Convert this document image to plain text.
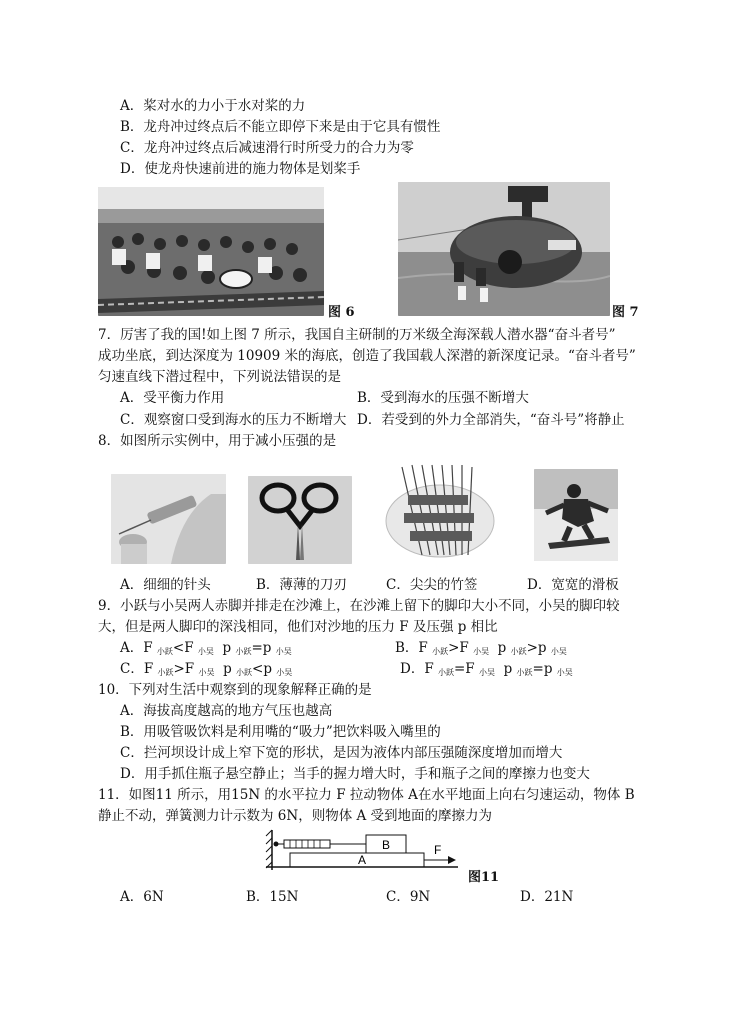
A．桨对水的力小于水对桨的力
B．龙舟冲过终点后不能立即停下来是由于它具有惯性
C．龙舟冲过终点后减速滑行时所受力的合力为零
D．使龙舟快速前进的施力物体是划桨手
图 6	图 7
7．厉害了我的国!如上图 7 所示，我国自主研制的万米级全海深载人潜水器“奋斗者号”
成功坐底，到达深度为 10909 米的海底，创造了我国载人深潜的新深度记录。“奋斗者号”
匀速直线下潜过程中，下列说法错误的是
A．受平衡力作用	B．受到海水的压强不断增大
C．观察窗口受到海水的压力不断增大 D．若受到的外力全部消失，“奋斗号”将静止
8．如图所示实例中，用于减小压强的是
A．细细的针头	B．薄薄的刀刃	C．尖尖的竹签	D．宽宽的滑板
9．小跃与小吴两人赤脚并排走在沙滩上，在沙滩上留下的脚印大小不同，小吴的脚印较
大，但是两人脚印的深浅相同，他们对沙地的压力 F 及压强 p 相比
A．F $_{小跃}$<F $_{小吴}$ p $_{小跃}$=p $_{小吴}$	B．F $_{小跃}$>F $_{小吴}$ p $_{小跃}$>p $_{小吴}$
C．F $_{小跃}$>F $_{小吴}$ p $_{小跃}$<p $_{小吴}$	D．F $_{小跃}$=F $_{小吴}$ p $_{小跃}$=p $_{小吴}$
10．下列对生活中观察到的现象解释正确的是
A．海拔高度越高的地方气压也越高
B．用吸管吸饮料是利用嘴的“吸力”把饮料吸入嘴里的
C．拦河坝设计成上窄下宽的形状，是因为液体内部压强随深度增加而增大
D．用手抓住瓶子悬空静止；当手的握力增大时，手和瓶子之间的摩擦力也变大
11．如图11 所示，用15N 的水平拉力 F 拉动物体 A在水平地面上向右匀速运动，物体 B
静止不动，弹簧测力计示数为 6N，则物体 A 受到地面的摩擦力为
B
A
F
图11
A．6N	B．15N	C．9N	D．21N
